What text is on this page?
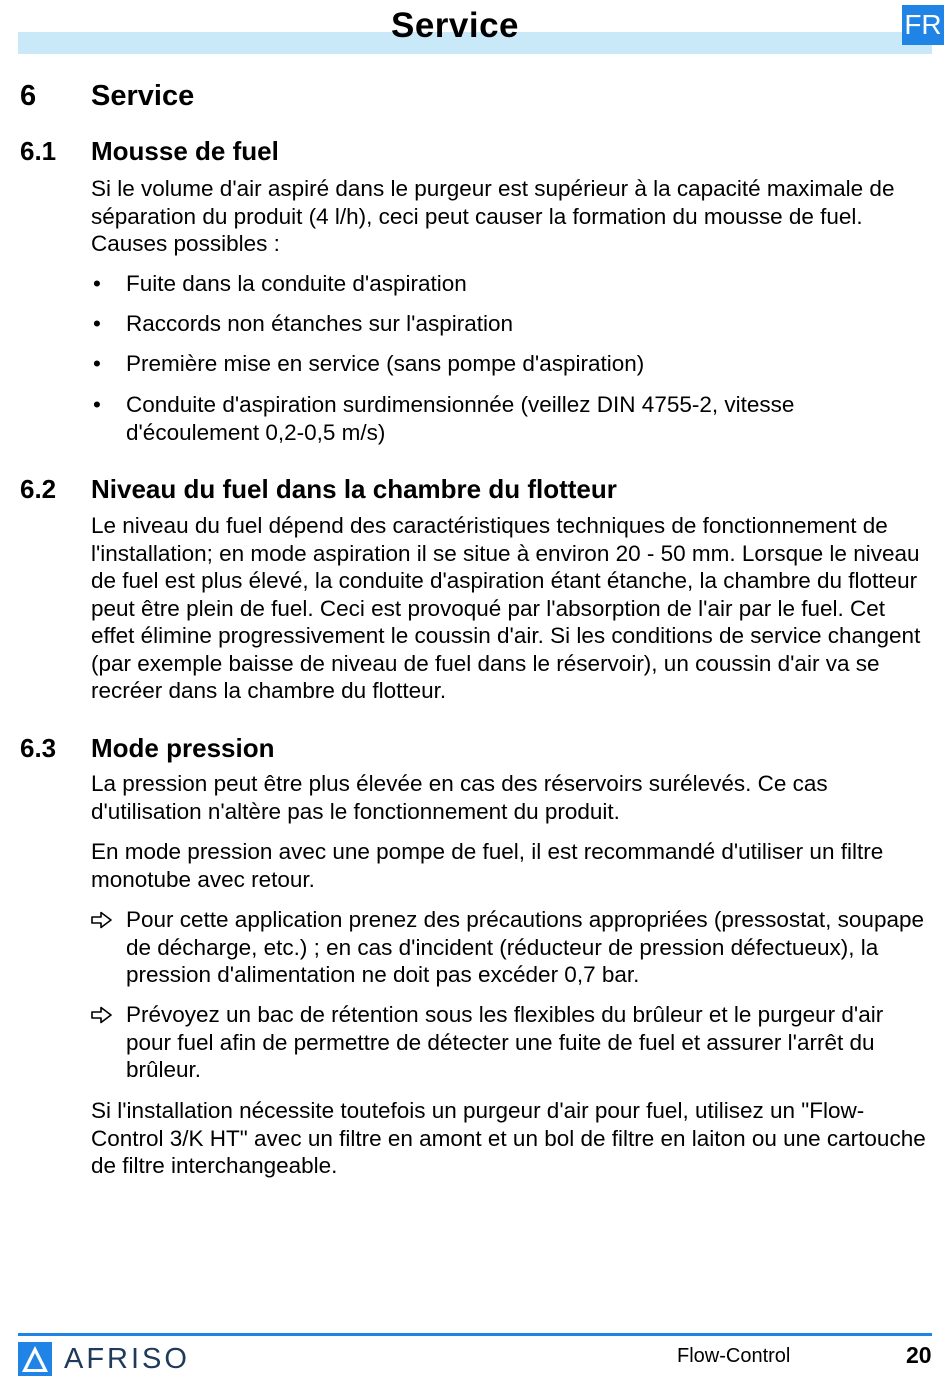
Service	FR
6 Service
6.1 Mousse de fuel

Si le volume d'air aspiré dans le purgeur est supérieur à la capacité maximale de séparation du produit (4 l/h), ceci peut causer la formation du mousse de fuel. Causes possibles :

• Fuite dans la conduite d'aspiration
• Raccords non étanches sur l'aspiration
• Première mise en service (sans pompe d'aspiration)
• Conduite d'aspiration surdimensionnée (veillez DIN 4755-2, vitesse d'écoulement 0,2-0,5 m/s)
6.2 Niveau du fuel dans la chambre du flotteur

Le niveau du fuel dépend des caractéristiques techniques de fonctionnement de l'installation; en mode aspiration il se situe à environ 20 - 50 mm. Lorsque le niveau de fuel est plus élevé, la conduite d'aspiration étant étanche, la chambre du flotteur peut être plein de fuel. Ceci est provoqué par l'absorption de l'air par le fuel. Cet effet élimine progressivement le coussin d'air. Si les conditions de service changent (par exemple baisse de niveau de fuel dans le réservoir), un coussin d'air va se recréer dans la chambre du flotteur.

6.3 Mode pression

La pression peut être plus élevée en cas des réservoirs surélevés. Ce cas d'utilisation n'altère pas le fonctionnement du produit.

En mode pression avec une pompe de fuel, il est recommandé d'utiliser un filtre monotube avec retour.

Pour cette application prenez des précautions appropriées (pressostat, soupape de décharge, etc.) ; en cas d'incident (réducteur de pression défectueux), la pression d'alimentation ne doit pas excéder 0,7 bar.
Prévoyez un bac de rétention sous les flexibles du brûleur et le purgeur d'air pour fuel afin de permettre de détecter une fuite de fuel et assurer l'arrêt du brûleur.

Si l'installation nécessite toutefois un purgeur d'air pour fuel, utilisez un "Flow-Control 3/K HT" avec un filtre en amont et un bol de filtre en laiton ou une cartouche de filtre interchangeable.

AFRISO	Flow-Control	20
